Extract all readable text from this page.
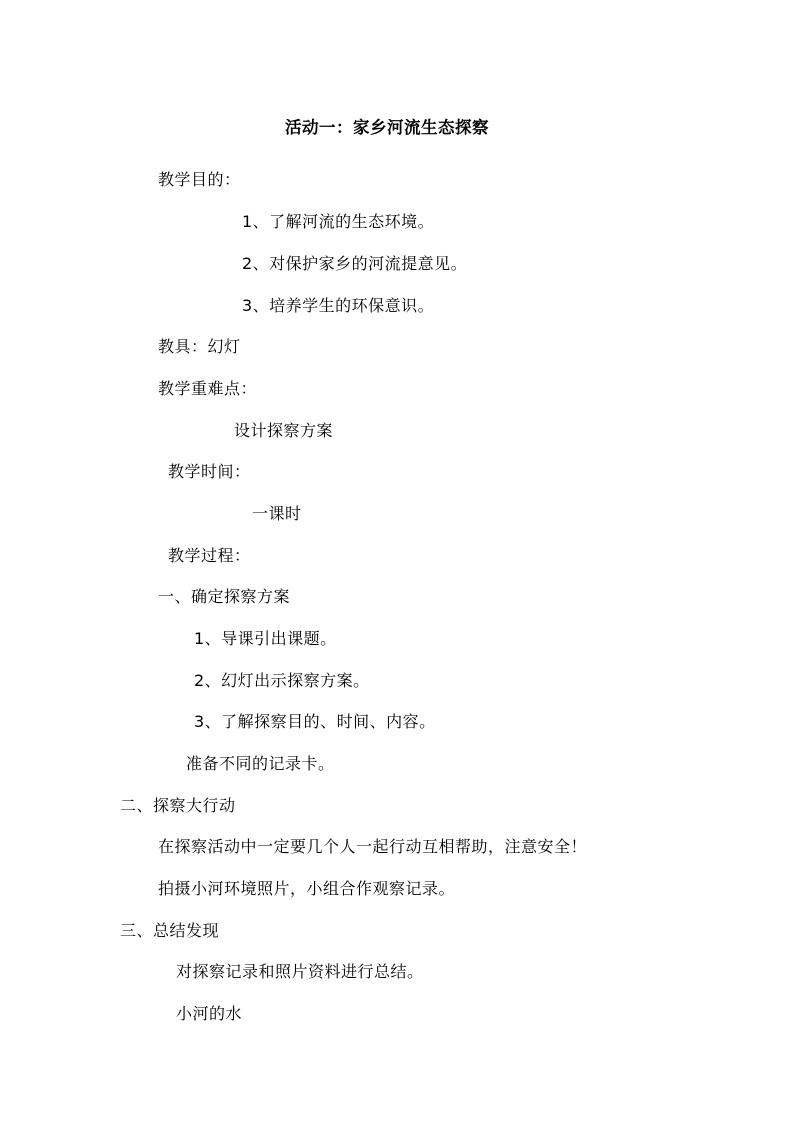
活动一：家乡河流生态探察
教学目的：
1、了解河流的生态环境。
2、对保护家乡的河流提意见。
3、培养学生的环保意识。
教具：幻灯
教学重难点：
设计探察方案
教学时间：
一课时
教学过程：
一、确定探察方案
1、导课引出课题。
2、幻灯出示探察方案。
3、了解探察目的、时间、内容。
准备不同的记录卡。
二、探察大行动
在探察活动中一定要几个人一起行动互相帮助，注意安全！
拍摄小河环境照片，小组合作观察记录。
三、总结发现
对探察记录和照片资料进行总结。
小河的水
